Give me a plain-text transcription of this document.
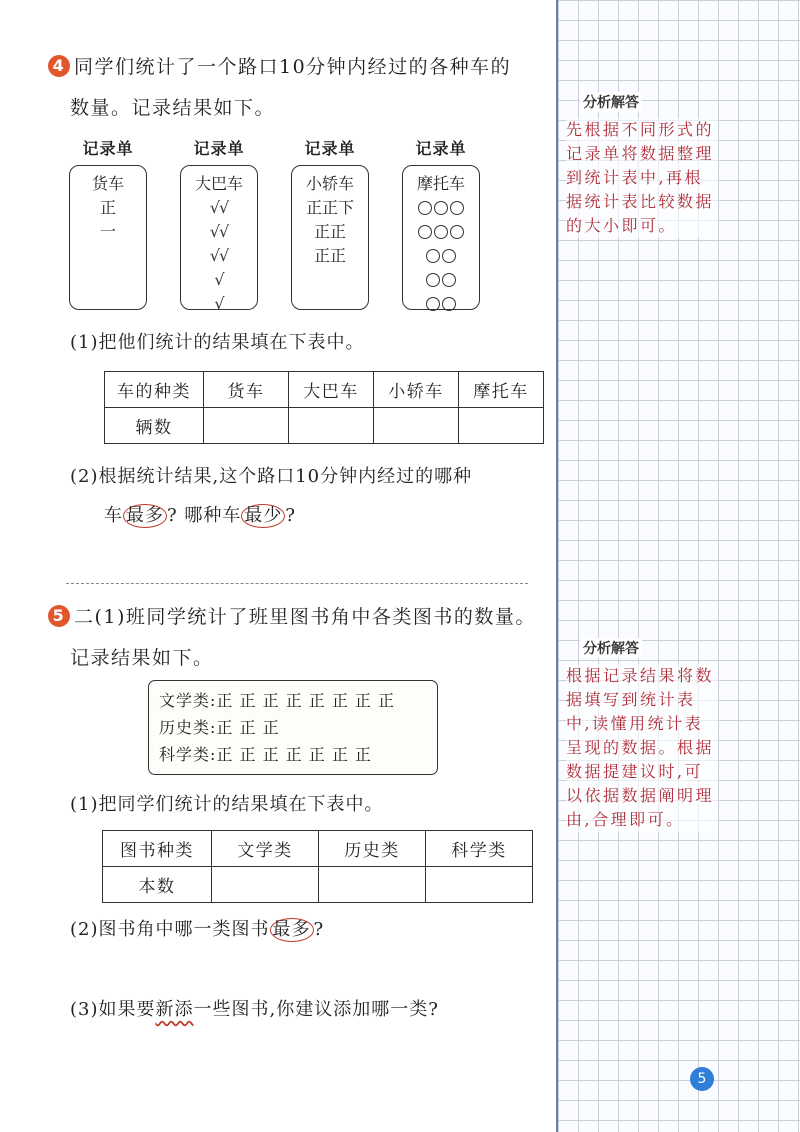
4 同学们统计了一个路口10分钟内经过的各种车的
数量。记录结果如下。
记录单
货车
正
一
记录单
大巴车
√√
√√
√√
√
√
记录单
小轿车
正正下
正正
正正
记录单
摩托车
(1)把他们统计的结果填在下表中。
车的种类	货车	大巴车	小轿车	摩托车
辆数				
(2)根据统计结果,这个路口10分钟内经过的哪种
车 最多 ? 哪种车 最少 ?
5 二(1)班同学统计了班里图书角中各类图书的数量。
记录结果如下。
文学类:正 正 正 正 正 正 正 正
历史类:正 正 正
科学类:正 正 正 正 正 正 正
(1)把同学们统计的结果填在下表中。
图书种类	文学类	历史类	科学类
本数			
(2)图书角中哪一类图书 最多 ?
(3)如果要新添一些图书,你建议添加哪一类?
分析解答
先根据不同形式的记录单将数据整理到统计表中,再根据统计表比较数据的大小即可。
分析解答
根据记录结果将数据填写到统计表中,读懂用统计表呈现的数据。根据数据提建议时,可以依据数据阐明理由,合理即可。
5
